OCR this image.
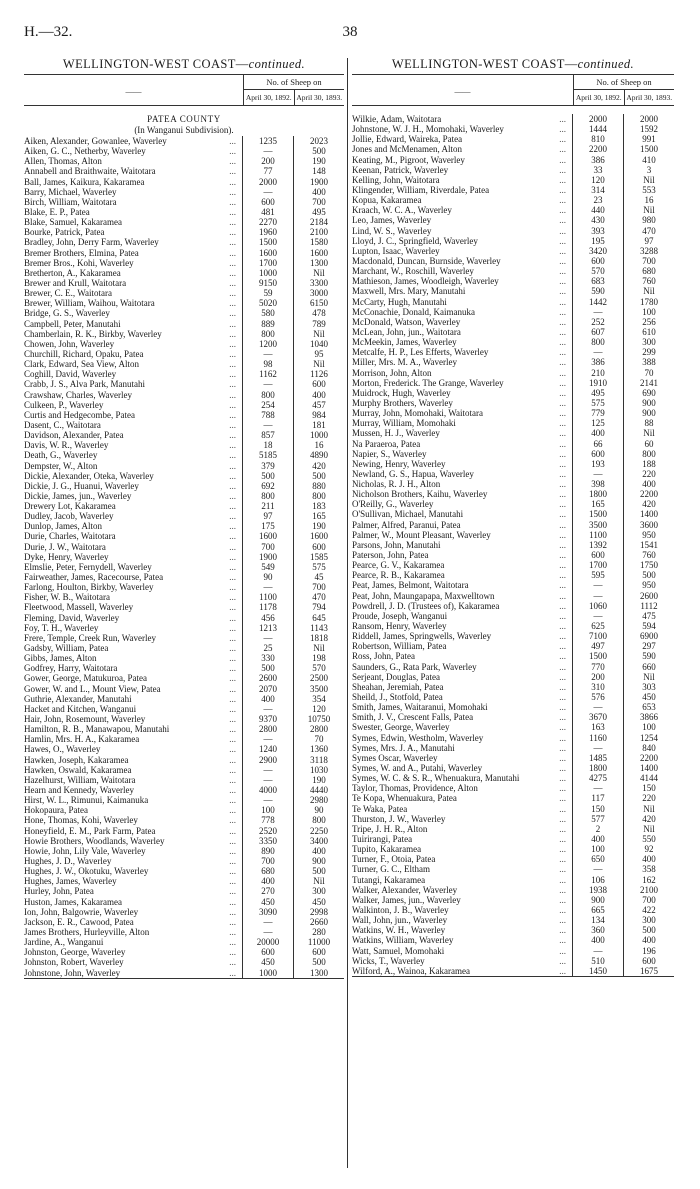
H.—32.	38
WELLINGTON-WEST COAST—continued.
——
No. of Sheep on
April 30, 1892. April 30, 1893.
PATEA COUNTY
(In Wanganui Subdivision).
Aiken, Alexander, Gowanlee, Waverley ...	1235	2023
Aiken, G. C., Netherby, Waverley ...	—	500
Allen, Thomas, Alton ...	200	190
Annabell and Braithwaite, Waitotara ...	77	148
Ball, James, Kaikura, Kakaramea ...	2000	1900
Barry, Michael, Waverley ...	—	400
Birch, William, Waitotara ...	600	700
Blake, E. P., Patea ...	481	495
Blake, Samuel, Kakaramea ...	2270	2184
Bourke, Patrick, Patea ...	1960	2100
Bradley, John, Derry Farm, Waverley ...	1500	1580
Bremer Brothers, Elmina, Patea ...	1600	1600
Bremer Bros., Kohi, Waverley ...	1700	1300
Bretherton, A., Kakaramea ...	1000	Nil
Brewer and Krull, Waitotara ...	9150	3300
Brewer, C. E., Waitotara ...	59	3000
Brewer, William, Waihou, Waitotara ...	5020	6150
Bridge, G. S., Waverley ...	580	478
Campbell, Peter, Manutahi ...	889	789
Chamberlain, R. K., Birkby, Waverley ...	800	Nil
Chowen, John, Waverley ...	1200	1040
Churchill, Richard, Opaku, Patea ...	—	95
Clark, Edward, Sea View, Alton ...	98	Nil
Coghill, David, Waverley ...	1162	1126
Crabb, J. S., Alva Park, Manutahi ...	—	600
Crawshaw, Charles, Waverley ...	800	400
Culkeen, P., Waverley ...	254	457
Curtis and Hedgecombe, Patea ...	788	984
Dasent, C., Waitotara ...	—	181
Davidson, Alexander, Patea ...	857	1000
Davis, W. R., Waverley ...	18	16
Death, G., Waverley ...	5185	4890
Dempster, W., Alton ...	379	420
Dickie, Alexander, Oteka, Waverley ...	500	500
Dickie, J. G., Huanui, Waverley ...	692	880
Dickie, James, jun., Waverley ...	800	800
Drewery Lot, Kakaramea ...	211	183
Dudley, Jacob, Waverley ...	97	165
Dunlop, James, Alton ...	175	190
Durie, Charles, Waitotara ...	1600	1600
Durie, J. W., Waitotara ...	700	600
Dyke, Henry, Waverley ...	1900	1585
Elmslie, Peter, Fernydell, Waverley ...	549	575
Fairweather, James, Racecourse, Patea ...	90	45
Farlong, Houlton, Birkby, Waverley ...	—	700
Fisher, W. B., Waitotara ...	1100	470
Fleetwood, Massell, Waverley ...	1178	794
Fleming, David, Waverley ...	456	645
Foy, T. H., Waverley ...	1213	1143
Frere, Temple, Creek Run, Waverley ...	—	1818
Gadsby, William, Patea ...	25	Nil
Gibbs, James, Alton ...	330	198
Godfrey, Harry, Waitotara ...	500	570
Gower, George, Matukuroa, Patea ...	2600	2500
Gower, W. and L., Mount View, Patea ...	2070	3500
Guthrie, Alexander, Manutahi ...	400	354
Hacket and Kitchen, Wanganui ...	—	120
Hair, John, Rosemount, Waverley ...	9370	10750
Hamilton, R. B., Manawapou, Manutahi ...	2800	2800
Hamlin, Mrs. H. A., Kakaramea ...	—	70
Hawes, O., Waverley ...	1240	1360
Hawken, Joseph, Kakaramea ...	2900	3118
Hawken, Oswald, Kakaramea ...	—	1030
Hazelhurst, William, Waitotara ...	—	190
Hearn and Kennedy, Waverley ...	4000	4440
Hirst, W. L., Rimunui, Kaimanuka ...	—	2980
Hokopaura, Patea ...	100	90
Hone, Thomas, Kohi, Waverley ...	778	800
Honeyfield, E. M., Park Farm, Patea ...	2520	2250
Howie Brothers, Woodlands, Waverley ...	3350	3400
Howie, John, Lily Vale, Waverley ...	890	400
Hughes, J. D., Waverley ...	700	900
Hughes, J. W., Okotuku, Waverley ...	680	500
Hughes, James, Waverley ...	400	Nil
Hurley, John, Patea ...	270	300
Huston, James, Kakaramea ...	450	450
Ion, John, Balgowrie, Waverley ...	3090	2998
Jackson, E. R., Cawood, Patea ...	—	2660
James Brothers, Hurleyville, Alton ...	—	280
Jardine, A., Wanganui ...	20000	11000
Johnston, George, Waverley ...	600	600
Johnston, Robert, Waverley ...	450	500
Johnstone, John, Waverley ...	1000	1300
WELLINGTON-WEST COAST—continued.
——
No. of Sheep on
April 30, 1892. April 30, 1893.
Wilkie, Adam, Waitotara ...	2000	2000
Johnstone, W. J. H., Momohaki, Waverley ...	1444	1592
Jollie, Edward, Waireka, Patea ...	810	991
Jones and McMenamen, Alton ...	2200	1500
Keating, M., Pigroot, Waverley ...	386	410
Keenan, Patrick, Waverley ...	33	3
Kelling, John, Waitotara ...	120	Nil
Klingender, William, Riverdale, Patea ...	314	553
Kopua, Kakaramea ...	23	16
Kraach, W. C. A., Waverley ...	440	Nil
Leo, James, Waverley ...	430	980
Lind, W. S., Waverley ...	393	470
Lloyd, J. C., Springfield, Waverley ...	195	97
Lupton, Isaac, Waverley ...	3420	3288
Macdonald, Duncan, Burnside, Waverley ...	600	700
Marchant, W., Roschill, Waverley ...	570	680
Mathieson, James, Woodleigh, Waverley ...	683	760
Maxwell, Mrs. Mary, Manutahi ...	590	Nil
McCarty, Hugh, Manutahi ...	1442	1780
McConachie, Donald, Kaimanuka ...	—	100
McDonald, Watson, Waverley ...	252	256
McLean, John, jun., Waitotara ...	607	610
McMeekin, James, Waverley ...	800	300
Metcalfe, H. P., Les Efferts, Waverley ...	—	299
Miller, Mrs. M. A., Waverley ...	386	388
Morrison, John, Alton ...	210	70
Morton, Frederick. The Grange, Waverley ...	1910	2141
Muidrock, Hugh, Waverley ...	495	690
Murphy Brothers, Waverley ...	575	900
Murray, John, Momohaki, Waitotara ...	779	900
Murray, William, Momohaki ...	125	88
Mussen, H. J., Waverley ...	400	Nil
Na Paraeroa, Patea ...	66	60
Napier, S., Waverley ...	600	800
Newing, Henry, Waverley ...	193	188
Newland, G. S., Hapua, Waverley ...	—	220
Nicholas, R. J. H., Alton ...	398	400
Nicholson Brothers, Kaihu, Waverley ...	1800	2200
O'Reilly, G., Waverley ...	165	420
O'Sullivan, Michael, Manutahi ...	1500	1400
Palmer, Alfred, Paranui, Patea ...	3500	3600
Palmer, W., Mount Pleasant, Waverley ...	1100	950
Parsons, John, Manutahi ...	1392	1541
Paterson, John, Patea ...	600	760
Pearce, G. V., Kakaramea ...	1700	1750
Pearce, R. B., Kakaramea ...	595	500
Peat, James, Belmont, Waitotara ...	—	950
Peat, John, Maungapapa, Maxwelltown ...	—	2600
Powdrell, J. D. (Trustees of), Kakaramea ...	1060	1112
Proude, Joseph, Wanganui ...	—	475
Ransom, Henry, Waverley ...	625	594
Riddell, James, Springwells, Waverley ...	7100	6900
Robertson, William, Patea ...	497	297
Ross, John, Patea ...	1500	590
Saunders, G., Rata Park, Waverley ...	770	660
Serjeant, Douglas, Patea ...	200	Nil
Sheahan, Jeremiah, Patea ...	310	303
Sheild, J., Stotfold, Patea ...	576	450
Smith, James, Waitaranui, Momohaki ...	—	653
Smith, J. V., Crescent Falls, Patea ...	3670	3866
Swester, George, Waverley ...	163	100
Symes, Edwin, Westholm, Waverley ...	1160	1254
Symes, Mrs. J. A., Manutahi ...	—	840
Symes Oscar, Waverley ...	1485	2200
Symes, W. and A., Putahi, Waverley ...	1800	1400
Symes, W. C. & S. R., Whenuakura, Manutahi ...	4275	4144
Taylor, Thomas, Providence, Alton ...	—	150
Te Kopa, Whenuakura, Patea ...	117	220
Te Waka, Patea ...	150	Nil
Thurston, J. W., Waverley ...	577	420
Tripe, J. H. R., Alton ...	2	Nil
Tuirirangi, Patea ...	400	550
Tupito, Kakaramea ...	100	92
Turner, F., Otoia, Patea ...	650	400
Turner, G. C., Eltham ...	—	358
Tutangi, Kakaramea ...	106	162
Walker, Alexander, Waverley ...	1938	2100
Walker, James, jun., Waverley ...	900	700
Walkinton, J. B., Waverley ...	665	422
Wall, John, jun., Waverley ...	134	300
Watkins, W. H., Waverley ...	360	500
Watkins, William, Waverley ...	400	400
Watt, Samuel, Momohaki ...	—	196
Wicks, T., Waverley ...	510	600
Wilford, A., Wainoa, Kakaramea ...	1450	1675
